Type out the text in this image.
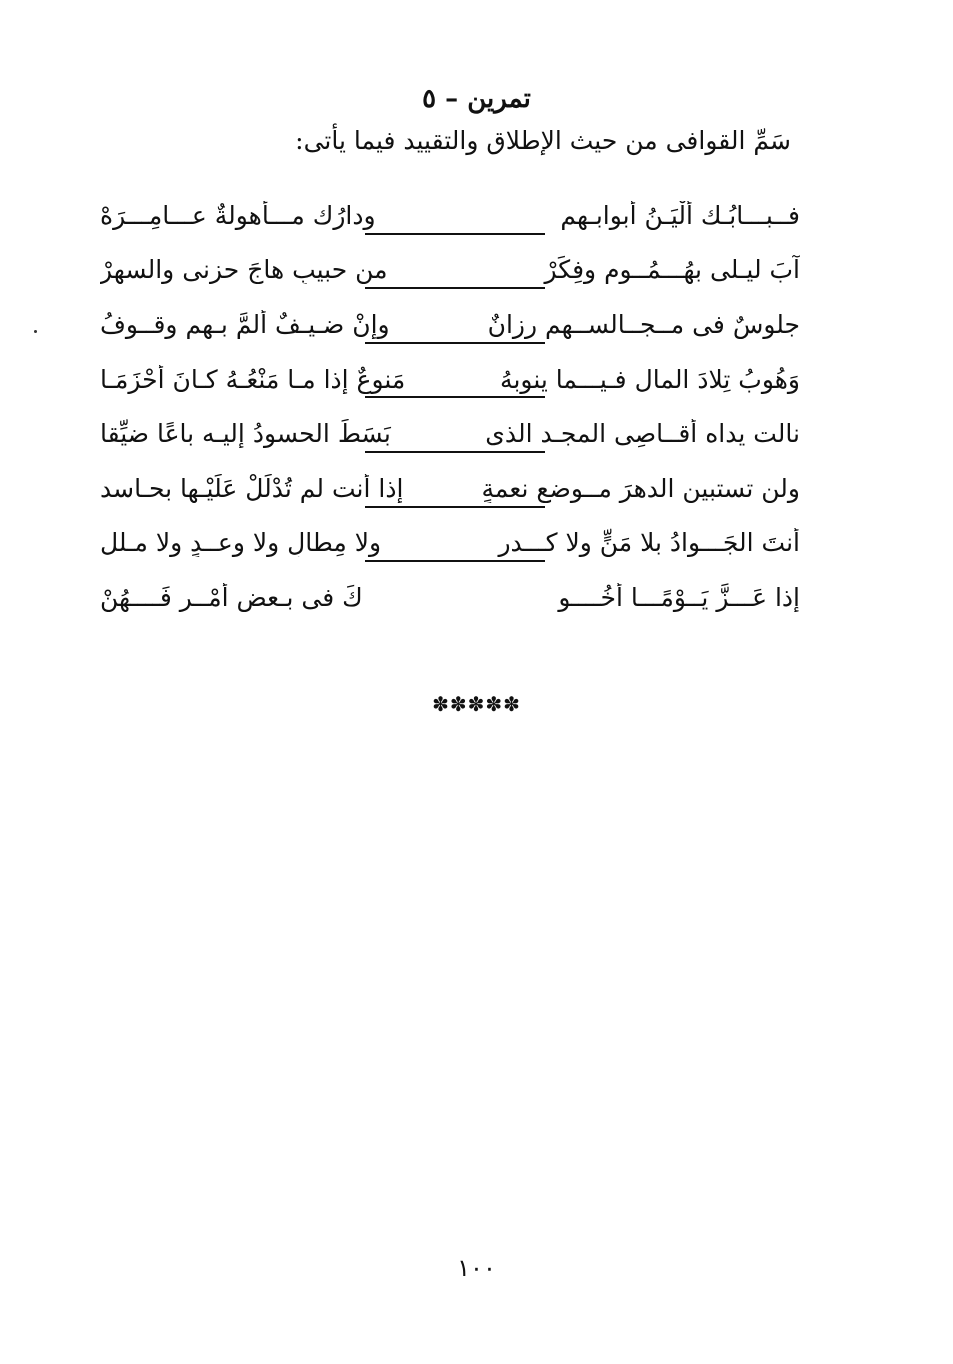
تمرين – ٥
سَمِّ القوافى من حيث الإطلاق والتقييد فيما يأتى:
فــبـــابُـك أَلْيَـنُ أبوابـهم
ودارُك مـــأهولةٌ عـــامِـــرَهْ
آبَ ليـلى بهُـــمُــوم وفِكَرْ
من حبيبٍ هاجَ حزنى والسهرْ
جلوسٌ فى مــجــالســهم رزانٌ
وإنْ ضـيـفٌ ألمَّ بـهم وقــوفُ
وَهُوبُ تِلادَ المال فـيـــما ينوبهُ
مَنوعٌ إذا مـا مَنْعُـهُ كـانَ أحْزَمَـا
نالت يداه أقــاصِى المجـد الذى
بَسَطَ الحسودُ إليـه باعًا ضيِّقا
ولن تستبين الدهرَ مــوضع نعمةٍ
إذا أنت لم تُدْلَلْ عَلَيْـها بحـاسد
أنتَ الجَـــوادُ بلا مَنٍّ ولا كـــدرٍ
ولا مِطالٍ ولا وعــدٍ ولا مـللِ
إذا عَـــزَّ يَــوْمًـــا أخُــــو
كَ فى بـعضِ أمْــرٍ فَــــهُنْ
✽✽✽✽✽
١٠٠
